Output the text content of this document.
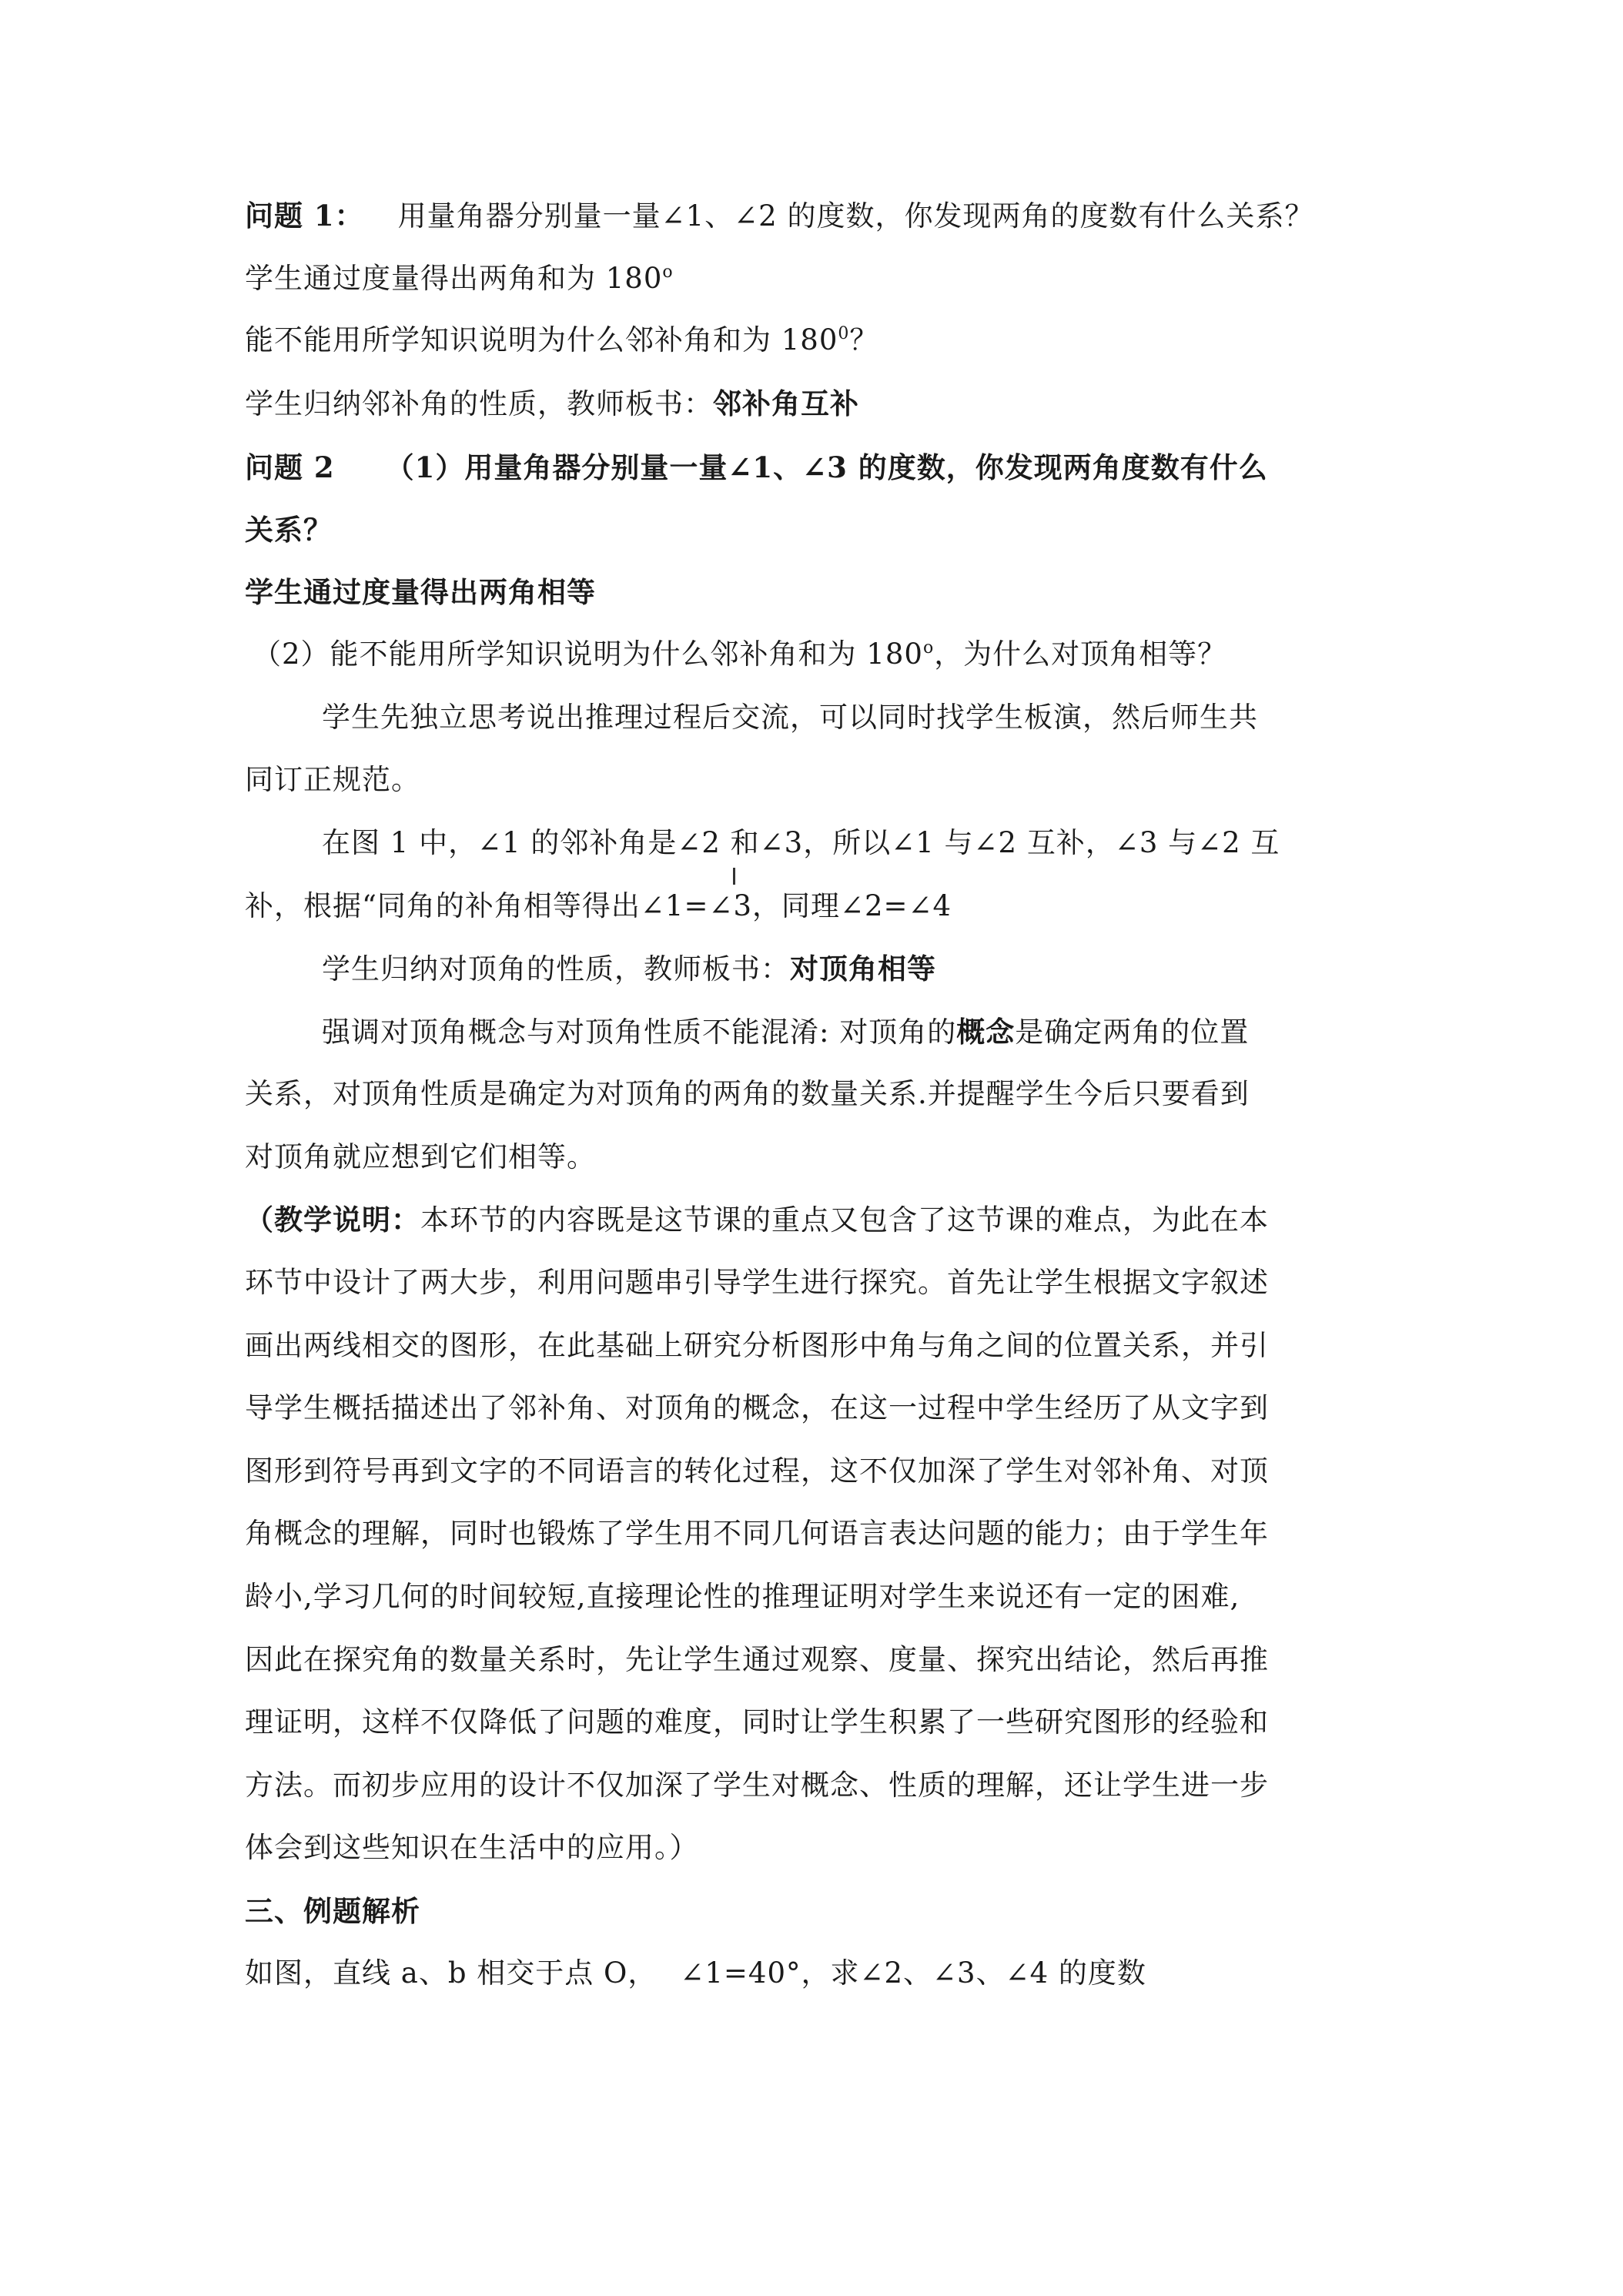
问题 1： 用量角器分别量一量∠1、∠2 的度数，你发现两角的度数有什么关系？
学生通过度量得出两角和为 180$^o$
能不能用所学知识说明为什么邻补角和为 $180^0$？
学生归纳邻补角的性质，教师板书：邻补角互补
问题 2 （1）用量角器分别量一量∠1、∠3 的度数，你发现两角度数有什么
关系？
学生通过度量得出两角相等
（2）能不能用所学知识说明为什么邻补角和为 180$^o$，为什么对顶角相等？
学生先独立思考说出推理过程后交流，可以同时找学生板演，然后师生共
同订正规范。
在图 1 中，∠1 的邻补角是∠2 和∠3，所以∠1 与∠2 互补，∠3 与∠2 互
补，根据“同角的补角相等得出∠1=∠3，同理∠2=∠4
学生归纳对顶角的性质，教师板书：对顶角相等
强调对顶角概念与对顶角性质不能混淆: 对顶角的概念是确定两角的位置
关系，对顶角性质是确定为对顶角的两角的数量关系.并提醒学生今后只要看到
对顶角就应想到它们相等。
（教学说明：本环节的内容既是这节课的重点又包含了这节课的难点，为此在本
环节中设计了两大步，利用问题串引导学生进行探究。首先让学生根据文字叙述
画出两线相交的图形，在此基础上研究分析图形中角与角之间的位置关系，并引
导学生概括描述出了邻补角、对顶角的概念，在这一过程中学生经历了从文字到
图形到符号再到文字的不同语言的转化过程，这不仅加深了学生对邻补角、对顶
角概念的理解，同时也锻炼了学生用不同几何语言表达问题的能力；由于学生年
龄小,学习几何的时间较短,直接理论性的推理证明对学生来说还有一定的困难,
因此在探究角的数量关系时，先让学生通过观察、度量、探究出结论，然后再推
理证明，这样不仅降低了问题的难度，同时让学生积累了一些研究图形的经验和
方法。而初步应用的设计不仅加深了学生对概念、性质的理解，还让学生进一步
体会到这些知识在生活中的应用。）
三、例题解析
如图，直线 a、b 相交于点 O， ∠1=40°，求∠2、∠3、∠4 的度数
